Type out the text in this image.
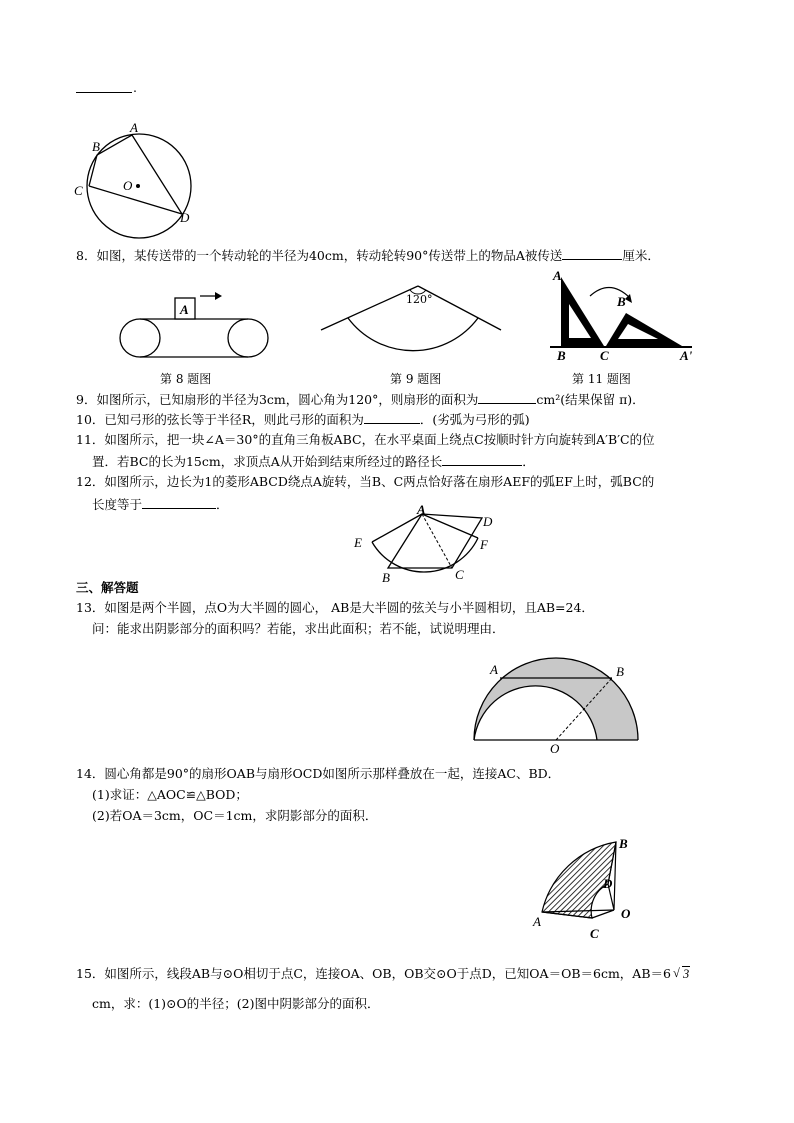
.
A
B
C	O
D
8．如图，某传送带的一个转动轮的半径为40cm，转动轮转90°传送带上的物品A被传送	厘米．
A
第 8 题图
120°
第 9 题图
A
B'
B	C	A'
第 11 题图
9．如图所示，已知扇形的半径为3cm，圆心角为120°，则扇形的面积为	cm²(结果保留 π)．
10．已知弓形的弦长等于半径R，则此弓形的面积为	．(劣弧为弓形的弧)
11．如图所示，把一块∠A＝30°的直角三角板ABC，在水平桌面上绕点C按顺时针方向旋转到A′B′C的位
置．若BC的长为15cm，求顶点A从开始到结束所经过的路径长	．
12．如图所示，边长为1的菱形ABCD绕点A旋转，当B、C两点恰好落在扇形AEF的弧EF上时，弧BC的
长度等于	．	A
D
E	F
B	C
三、解答题
13．如图是两个半圆，点O为大半圆的圆心， AB是大半圆的弦关与小半圆相切，且AB=24．
问：能求出阴影部分的面积吗？若能，求出此面积；若不能，试说明理由．
A	B
O
14．圆心角都是90°的扇形OAB与扇形OCD如图所示那样叠放在一起，连接AC、BD．
(1)求证：△AOC≌△BOD；
(2)若OA＝3cm，OC＝1cm，求阴影部分的面积．
B
D
A
O
C
15．如图所示，线段AB与⊙O相切于点C，连接OA、OB，OB交⊙O于点D，已知OA＝OB＝6cm，AB＝6 √ 3
cm，求：(1)⊙O的半径；(2)图中阴影部分的面积．
